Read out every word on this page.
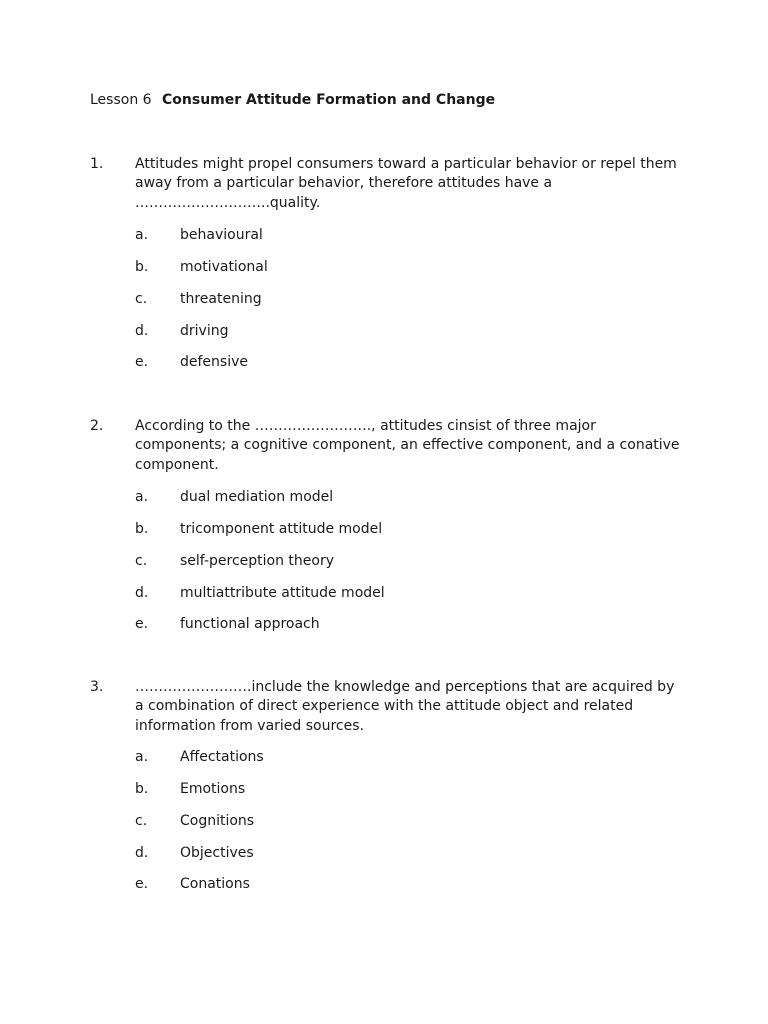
Lesson 6 Consumer Attitude Formation and Change
1.	Attitudes might propel consumers toward a particular behavior or repel them away from a particular behavior, therefore attitudes have a ………………………..quality.
a.	behavioural
b.	motivational
c.	threatening
d.	driving
e.	defensive
2.	According to the ……………………., attitudes cinsist of three major components; a cognitive component, an effective component, and a conative component.
a.	dual mediation model
b.	tricomponent attitude model
c.	self-perception theory
d.	multiattribute attitude model
e.	functional approach
3.	…………………….include the knowledge and perceptions that are acquired by a combination of direct experience with the attitude object and related information from varied sources.
a.	Affectations
b.	Emotions
c.	Cognitions
d.	Objectives
e.	Conations
